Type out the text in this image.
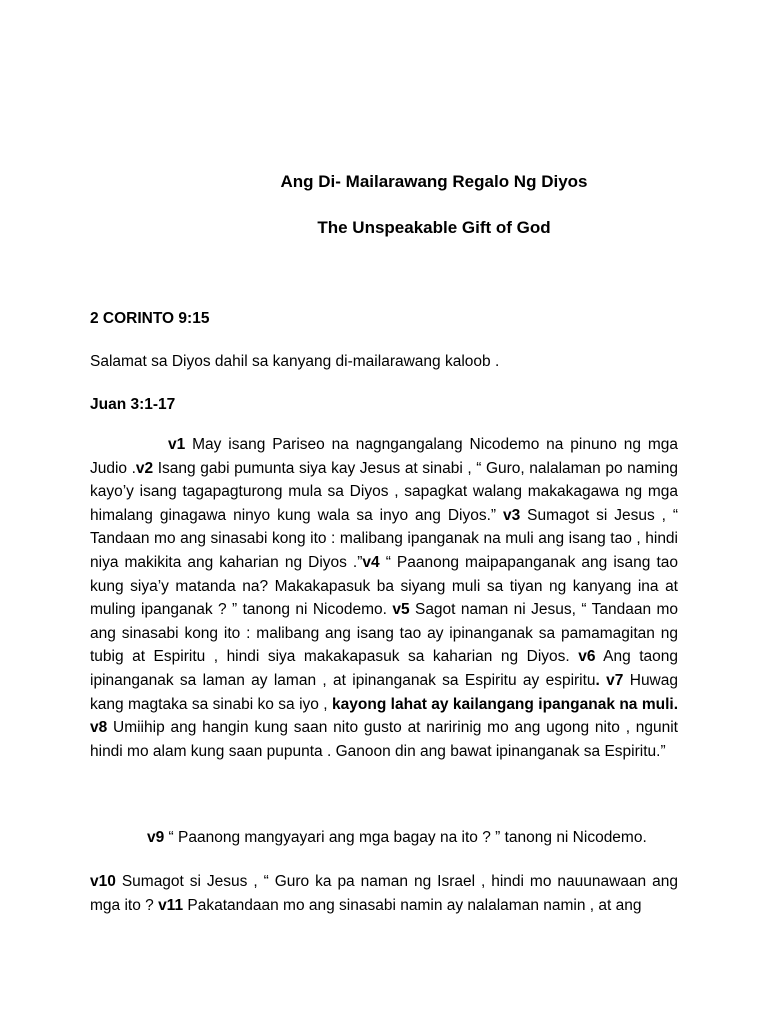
Ang Di- Mailarawang Regalo Ng Diyos
The Unspeakable Gift of God
2 CORINTO 9:15
Salamat sa Diyos dahil sa kanyang di-mailarawang kaloob .
Juan 3:1-17
v1 May isang Pariseo na nagngangalang Nicodemo na pinuno ng mga Judio .v2 Isang gabi pumunta siya kay Jesus at sinabi , “ Guro, nalalaman po naming kayo’y isang tagapagturong mula sa Diyos , sapagkat walang makakagawa ng mga himalang ginagawa ninyo kung wala sa inyo ang Diyos.” v3 Sumagot si Jesus , “ Tandaan mo ang sinasabi kong ito : malibang ipanganak na muli ang isang tao , hindi niya makikita ang kaharian ng Diyos .”v4 “ Paanong maipapanganak ang isang tao kung siya’y matanda na? Makakapasuk ba siyang muli sa tiyan ng kanyang ina at muling ipanganak ? ” tanong ni Nicodemo. v5 Sagot naman ni Jesus, “ Tandaan mo ang sinasabi kong ito : malibang ang isang tao ay ipinanganak sa pamamagitan ng tubig at Espiritu , hindi siya makakapasuk sa kaharian ng Diyos. v6 Ang taong ipinanganak sa laman ay laman , at ipinanganak sa Espiritu ay espiritu. v7 Huwag kang magtaka sa sinabi ko sa iyo , kayong lahat ay kailangang ipanganak na muli. v8 Umiihip ang hangin kung saan nito gusto at naririnig mo ang ugong nito , ngunit hindi mo alam kung saan pupunta . Ganoon din ang bawat ipinanganak sa Espiritu.”
v9 “ Paanong mangyayari ang mga bagay na ito ? ” tanong ni Nicodemo.
v10 Sumagot si Jesus , “ Guro ka pa naman ng Israel , hindi mo nauunawaan ang mga ito ? v11 Pakatandaan mo ang sinasabi namin ay nalalaman namin , at ang
